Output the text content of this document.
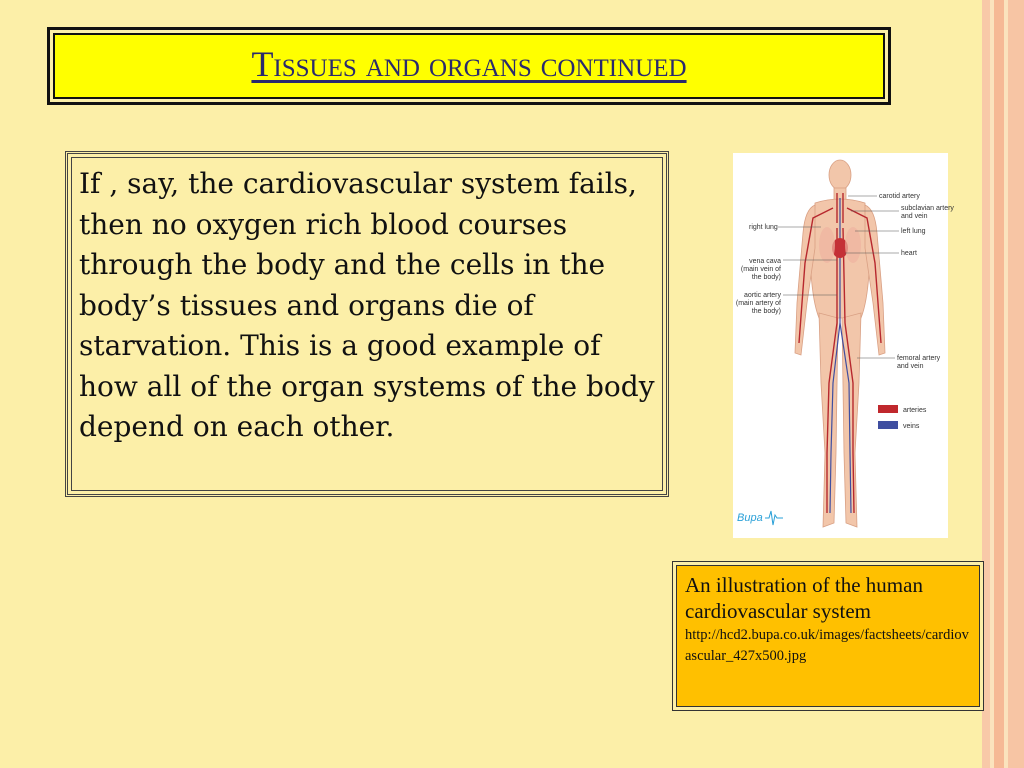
Tissues and organs continued

If , say, the cardiovascular system fails, then no oxygen rich blood courses through the body and the cells in the body’s tissues and organs die of starvation. This is a good example of how all of the organ systems of the body depend on each other.

carotid artery
subclavian artery
and vein
right lung
left lung
heart
vena cava
(main vein of
the body)
aortic artery
(main artery of
the body)
femoral artery
and vein
arteries
veins
Bupa
An illustration of the human cardiovascular system
http://hcd2.bupa.co.uk/images/factsheets/cardiovascular_427x500.jpg
